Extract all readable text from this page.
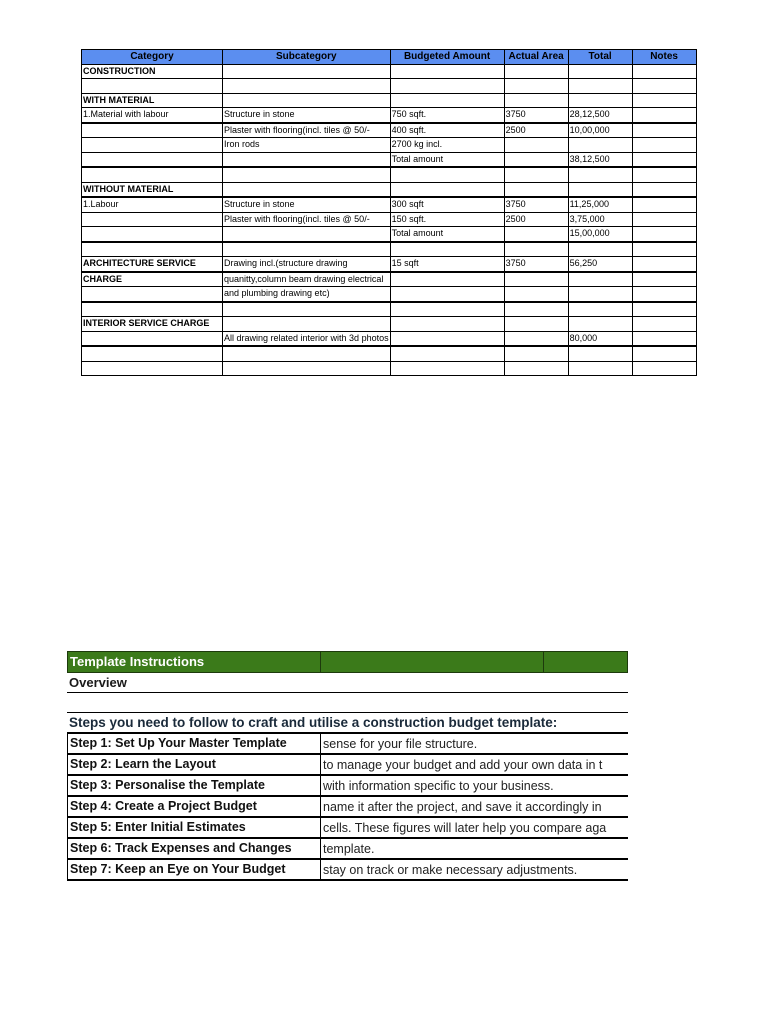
Category	Subcategory	Budgeted Amount	Actual Area	Total	Notes
CONSTRUCTION					

WITH MATERIAL					
1.Material with labour	Structure in stone	750 sqft.	3750	28,12,500	
	Plaster with flooring(incl. tiles @ 50/-	400 sqft.	2500	10,00,000	
	Iron rods	2700 kg incl.			
		Total amount		38,12,500	

WITHOUT MATERIAL					
1.Labour	Structure in stone	300 sqft	3750	11,25,000	
	Plaster with flooring(incl. tiles @ 50/-	150 sqft.	2500	3,75,000	
		Total amount		15,00,000	

ARCHITECTURE SERVICE	Drawing incl.(structure drawing	15 sqft	3750	56,250	
CHARGE	quanitty,column beam drawing electrical				
	and plumbing drawing etc)				

INTERIOR SERVICE CHARGE					
	All drawing related interior with 3d photos			80,000	

Template Instructions
Overview
Steps you need to follow to craft and utilise a construction budget template:
Step 1: Set Up Your Master Template	sense for your file structure.
Step 2: Learn the Layout	to manage your budget and add your own data in t
Step 3: Personalise the Template	with information specific to your business.
Step 4: Create a Project Budget	name it after the project, and save it accordingly in
Step 5: Enter Initial Estimates	cells. These figures will later help you compare aga
Step 6: Track Expenses and Changes	template.
Step 7: Keep an Eye on Your Budget	stay on track or make necessary adjustments.
